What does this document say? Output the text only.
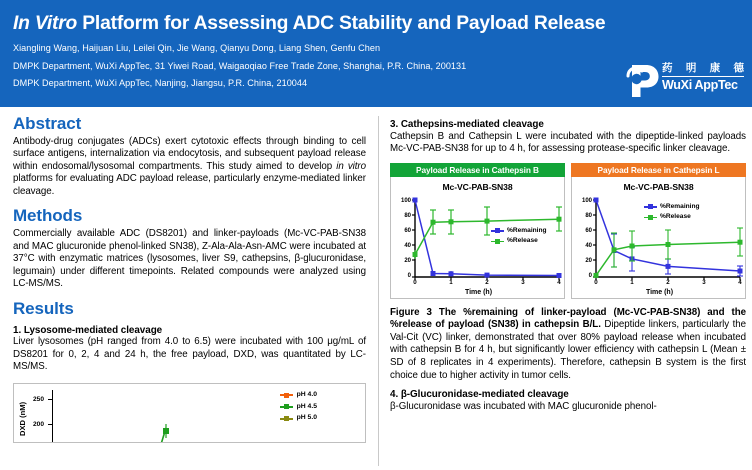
In Vitro Platform for Assessing ADC Stability and Payload Release
Xiangling Wang, Haijuan Liu, Leilei Qin, Jie Wang, Qianyu Dong, Liang Shen, Genfu Chen
DMPK Department, WuXi AppTec, 31 Yiwei Road, Waigaoqiao Free Trade Zone, Shanghai, P.R. China, 200131
DMPK Department, WuXi AppTec, Nanjing, Jiangsu, P.R. China, 210044
药 明 康 德
WuXi AppTec
Abstract

Antibody-drug conjugates (ADCs) exert cytotoxic effects through binding to cell surface antigens, internalization via endocytosis, and subsequent payload release within endosomal/lysosomal compartments. This study aimed to develop in vitro platforms for evaluating ADC payload release, particularly enzyme-mediated linker cleavage.

Methods

Commercially available ADC (DS8201) and linker-payloads (Mc-VC-PAB-SN38 and MAC glucuronide phenol-linked SN38), Z-Ala-Ala-Asn-AMC were incubated at 37°C with enzymatic matrices (lysosomes, liver S9, cathepsins, β-glucuronidase, legumain) under different timepoints. Related compounds were analyzed using LC-MS/MS.

Results
1. Lysosome-mediated cleavage

Liver lysosomes (pH ranged from 4.0 to 6.5) were incubated with 100 μg/mL of DS8201 for 0, 2, 4 and 24 h, the free payload, DXD, was quantitated by LC-MS/MS.

DXD (nM)
250
200
pH 4.0
pH 4.5
pH 5.0
3. Cathepsins-mediated cleavage

Cathepsin B and Cathepsin L were incubated with the dipeptide-linked payloads Mc-VC-PAB-SN38 for up to 4 h, for assessing protease-specific linker cleavage.

Payload Release in Cathepsin B
Mc-VC-PAB-SN38
100
80
60
40
20
0
0	1	2	3	4
%Remaining
%Release
Time (h)
Payload Release in Cathepsin L
Mc-VC-PAB-SN38
100
80
60
40
20
0
0	1	2	3	4
%Remaining
%Release
Time (h)

Figure 3 The %remaining of linker-payload (Mc-VC-PAB-SN38) and the %release of payload (SN38) in cathepsin B/L. Dipeptide linkers, particularly the Val-Cit (VC) linker, demonstrated that over 80% payload release when incubated with cathepsin B for 4 h, but significantly lower efficiency with cathepsin L (Mean ± SD of 8 replicates in 4 experiments). Therefore, cathepsin B system is the first choice due to higher activity in tumor cells.

4. β-Glucuronidase-mediated cleavage

β-Glucuronidase was incubated with MAC glucuronide phenol-
